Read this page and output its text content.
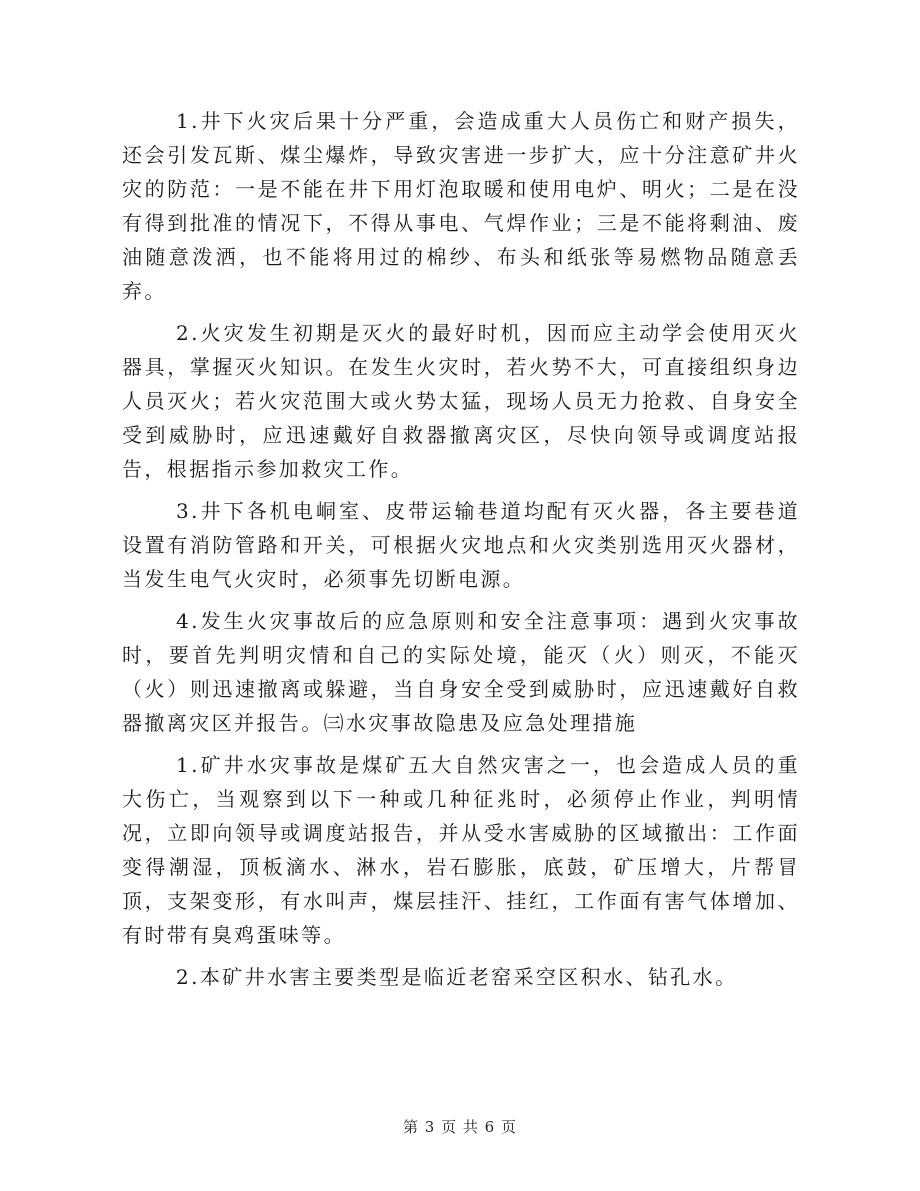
1.井下火灾后果十分严重，会造成重大人员伤亡和财产损失，还会引发瓦斯、煤尘爆炸，导致灾害进一步扩大，应十分注意矿井火灾的防范：一是不能在井下用灯泡取暖和使用电炉、明火；二是在没有得到批准的情况下，不得从事电、气焊作业；三是不能将剩油、废油随意泼洒，也不能将用过的棉纱、布头和纸张等易燃物品随意丢弃。

2.火灾发生初期是灭火的最好时机，因而应主动学会使用灭火器具，掌握灭火知识。在发生火灾时，若火势不大，可直接组织身边人员灭火；若火灾范围大或火势太猛，现场人员无力抢救、自身安全受到威胁时，应迅速戴好自救器撤离灾区，尽快向领导或调度站报告，根据指示参加救灾工作。

3.井下各机电峒室、皮带运输巷道均配有灭火器，各主要巷道设置有消防管路和开关，可根据火灾地点和火灾类别选用灭火器材，当发生电气火灾时，必须事先切断电源。

4.发生火灾事故后的应急原则和安全注意事项：遇到火灾事故时，要首先判明灾情和自己的实际处境，能灭（火）则灭，不能灭（火）则迅速撤离或躲避，当自身安全受到威胁时，应迅速戴好自救器撤离灾区并报告。㈢水灾事故隐患及应急处理措施

1.矿井水灾事故是煤矿五大自然灾害之一，也会造成人员的重大伤亡，当观察到以下一种或几种征兆时，必须停止作业，判明情况，立即向领导或调度站报告，并从受水害威胁的区域撤出：工作面变得潮湿，顶板滴水、淋水，岩石膨胀，底鼓，矿压增大，片帮冒顶，支架变形，有水叫声，煤层挂汗、挂红，工作面有害气体增加、有时带有臭鸡蛋味等。

2.本矿井水害主要类型是临近老窑采空区积水、钻孔水。

第 3 页 共 6 页
